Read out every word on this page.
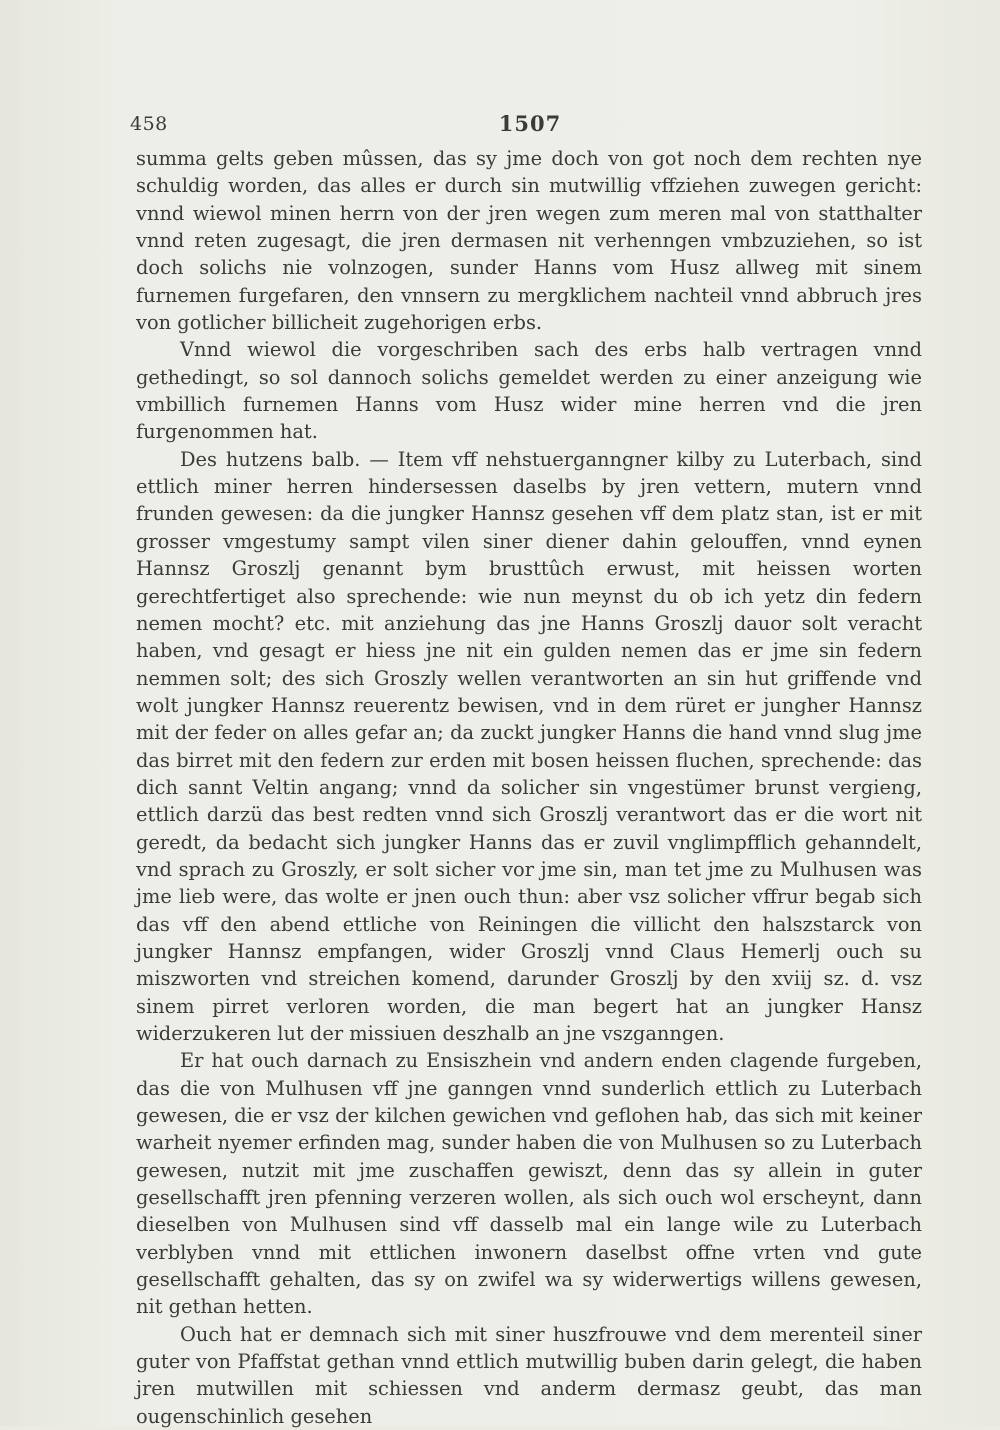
458	1507

summa gelts geben mûssen, das sy jme doch von got noch dem rechten nye schuldig worden, das alles er durch sin mutwillig vffziehen zuwegen gericht: vnnd wiewol minen herrn von der jren wegen zum meren mal von statthalter vnnd reten zugesagt, die jren dermasen nit verhenngen vmbzuziehen, so ist doch solichs nie volnzogen, sunder Hanns vom Husz allweg mit sinem furnemen furgefaren, den vnnsern zu mergklichem nachteil vnnd abbruch jres von gotlicher billicheit zugehorigen erbs.

Vnnd wiewol die vorgeschriben sach des erbs halb vertragen vnnd gethedingt, so sol dannoch solichs gemeldet werden zu einer anzeigung wie vmbillich furnemen Hanns vom Husz wider mine herren vnd die jren furgenommen hat.

Des hutzens balb. — Item vff nehstuerganngner kilby zu Luterbach, sind ettlich miner herren hindersessen daselbs by jren vettern, mutern vnnd frunden gewesen: da die jungker Hannsz gesehen vff dem platz stan, ist er mit grosser vmgestumy sampt vilen siner diener dahin gelouffen, vnnd eynen Hannsz Groszlj genannt bym brusttûch erwust, mit heissen worten gerechtfertiget also sprechende: wie nun meynst du ob ich yetz din federn nemen mocht? etc. mit anziehung das jne Hanns Groszlj dauor solt veracht haben, vnd gesagt er hiess jne nit ein gulden nemen das er jme sin federn nemmen solt; des sich Groszly wellen verantworten an sin hut griffende vnd wolt jungker Hannsz reuerentz bewisen, vnd in dem rüret er jungher Hannsz mit der feder on alles gefar an; da zuckt jungker Hanns die hand vnnd slug jme das birret mit den federn zur erden mit bosen heissen fluchen, sprechende: das dich sannt Veltin angang; vnnd da solicher sin vngestümer brunst vergieng, ettlich darzü das best redten vnnd sich Groszlj verantwort das er die wort nit geredt, da bedacht sich jungker Hanns das er zuvil vnglimpfflich gehanndelt, vnd sprach zu Groszly, er solt sicher vor jme sin, man tet jme zu Mulhusen was jme lieb were, das wolte er jnen ouch thun: aber vsz solicher vffrur begab sich das vff den abend ettliche von Reiningen die villicht den halszstarck von jungker Hannsz empfangen, wider Groszlj vnnd Claus Hemerlj ouch su miszworten vnd streichen komend, darunder Groszlj by den xviij sz. d. vsz sinem pirret verloren worden, die man begert hat an jungker Hansz widerzukeren lut der missiuen deszhalb an jne vszganngen.

Er hat ouch darnach zu Ensiszhein vnd andern enden clagende furgeben, das die von Mulhusen vff jne ganngen vnnd sunderlich ettlich zu Luterbach gewesen, die er vsz der kilchen gewichen vnd geflohen hab, das sich mit keiner warheit nyemer erfinden mag, sunder haben die von Mulhusen so zu Luterbach gewesen, nutzit mit jme zuschaffen gewiszt, denn das sy allein in guter gesellschafft jren pfenning verzeren wollen, als sich ouch wol erscheynt, dann dieselben von Mulhusen sind vff dasselb mal ein lange wile zu Luterbach verblyben vnnd mit ettlichen inwonern daselbst offne vrten vnd gute gesellschafft gehalten, das sy on zwifel wa sy widerwertigs willens gewesen, nit gethan hetten.

Ouch hat er demnach sich mit siner huszfrouwe vnd dem merenteil siner guter von Pfaffstat gethan vnnd ettlich mutwillig buben darin gelegt, die haben jren mutwillen mit schiessen vnd anderm dermasz geubt, das man ougenschinlich gesehen
